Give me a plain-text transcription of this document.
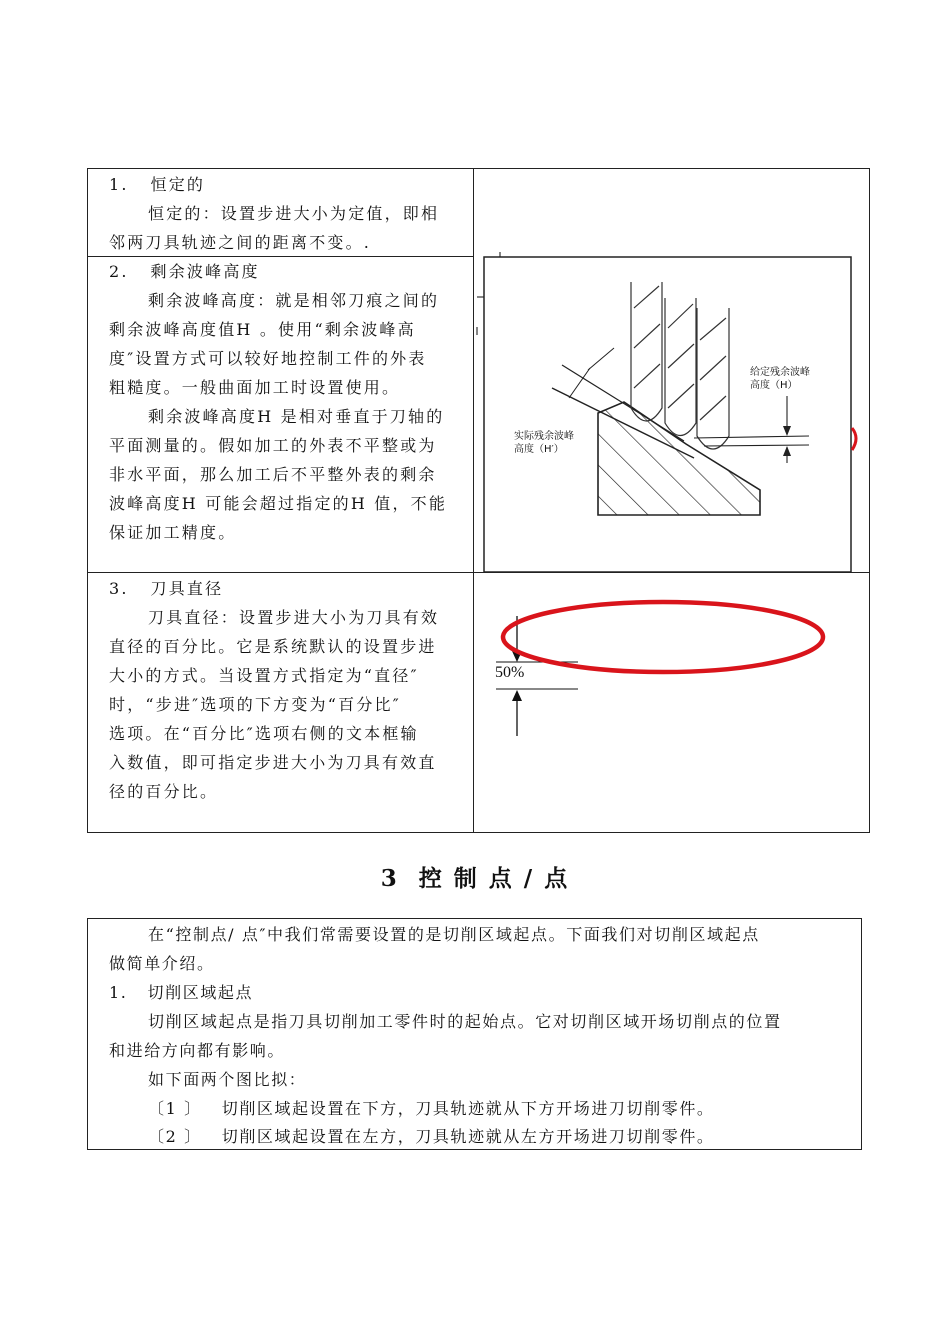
1.   恒定的
恒定的：设置步进大小为定值，即相
邻两刀具轨迹之间的距离不变。.
2.   剩余波峰高度
剩余波峰高度：就是相邻刀痕之间的
剩余波峰高度值H 。使用“剩余波峰高
度″设置方式可以较好地控制工件的外表
粗糙度。一般曲面加工时设置使用。
剩余波峰高度H 是相对垂直于刀轴的
平面测量的。假如加工的外表不平整或为
非水平面，那么加工后不平整外表的剩余
波峰高度H 可能会超过指定的H 值，不能
保证加工精度。
3.   刀具直径
刀具直径：设置步进大小为刀具有效
直径的百分比。它是系统默认的设置步进
大小的方式。当设置方式指定为“直径″
时，“步进″选项的下方变为“百分比″
选项。在“百分比″选项右侧的文本框输
入数值，即可指定步进大小为刀具有效直
径的百分比。
给定残余波峰
高度（H）
实际残余波峰
高度（H′）
50%
3  控 制 点 / 点
在“控制点/ 点″中我们常需要设置的是切削区域起点。下面我们对切削区域起点
做简单介绍。
1.   切削区域起点
切削区域起点是指刀具切削加工零件时的起始点。它对切削区域开场切削点的位置
和进给方向都有影响。
如下面两个图比拟：
〔1 〕   切削区域起设置在下方，刀具轨迹就从下方开场进刀切削零件。
〔2 〕   切削区域起设置在左方，刀具轨迹就从左方开场进刀切削零件。
